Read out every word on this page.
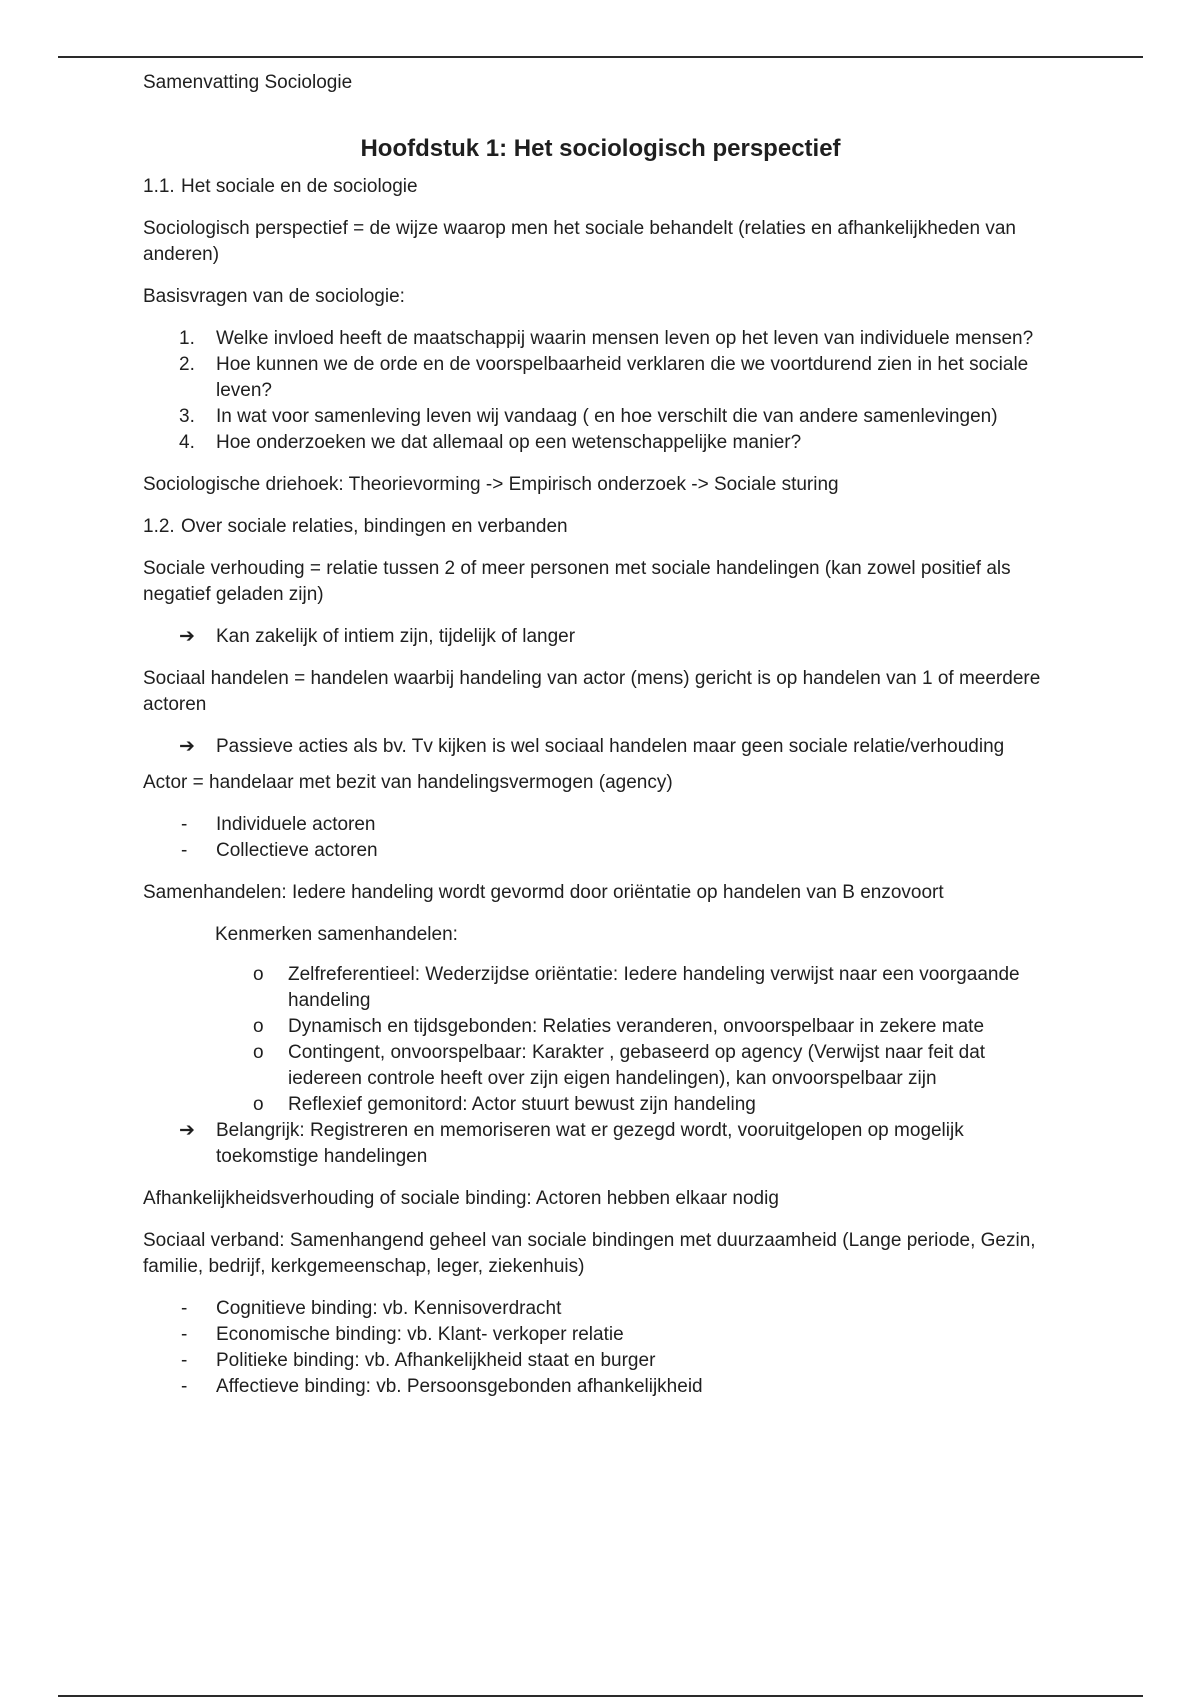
Samenvatting Sociologie
Hoofdstuk 1: Het sociologisch perspectief
1.1. Het sociale en de sociologie

Sociologisch perspectief = de wijze waarop men het sociale behandelt (relaties en afhankelijkheden van anderen)

Basisvragen van de sociologie:

1. Welke invloed heeft de maatschappij waarin mensen leven op het leven van individuele mensen?
2. Hoe kunnen we de orde en de voorspelbaarheid verklaren die we voortdurend zien in het sociale leven?
3. In wat voor samenleving leven wij vandaag ( en hoe verschilt die van andere samenlevingen)
4. Hoe onderzoeken we dat allemaal op een wetenschappelijke manier?

Sociologische driehoek: Theorievorming -> Empirisch onderzoek -> Sociale sturing

1.2. Over sociale relaties, bindingen en verbanden

Sociale verhouding = relatie tussen 2 of meer personen met sociale handelingen (kan zowel positief als negatief geladen zijn)

➔ Kan zakelijk of intiem zijn, tijdelijk of langer

Sociaal handelen = handelen waarbij handeling van actor (mens) gericht is op handelen van 1 of meerdere actoren

➔ Passieve acties als bv. Tv kijken is wel sociaal handelen maar geen sociale relatie/verhouding

Actor = handelaar met bezit van handelingsvermogen (agency)

- Individuele actoren
- Collectieve actoren

Samenhandelen: Iedere handeling wordt gevormd door oriëntatie op handelen van B enzovoort

Kenmerken samenhandelen:
o Zelfreferentieel: Wederzijdse oriëntatie: Iedere handeling verwijst naar een voorgaande handeling
o Dynamisch en tijdsgebonden: Relaties veranderen, onvoorspelbaar in zekere mate
o Contingent, onvoorspelbaar: Karakter , gebaseerd op agency (Verwijst naar feit dat iedereen controle heeft over zijn eigen handelingen), kan onvoorspelbaar zijn
o Reflexief gemonitord: Actor stuurt bewust zijn handeling
➔ Belangrijk: Registreren en memoriseren wat er gezegd wordt, vooruitgelopen op mogelijk toekomstige handelingen

Afhankelijkheidsverhouding of sociale binding: Actoren hebben elkaar nodig

Sociaal verband: Samenhangend geheel van sociale bindingen met duurzaamheid (Lange periode, Gezin, familie, bedrijf, kerkgemeenschap, leger, ziekenhuis)

- Cognitieve binding: vb. Kennisoverdracht
- Economische binding: vb. Klant- verkoper relatie
- Politieke binding: vb. Afhankelijkheid staat en burger
- Affectieve binding: vb. Persoonsgebonden afhankelijkheid
